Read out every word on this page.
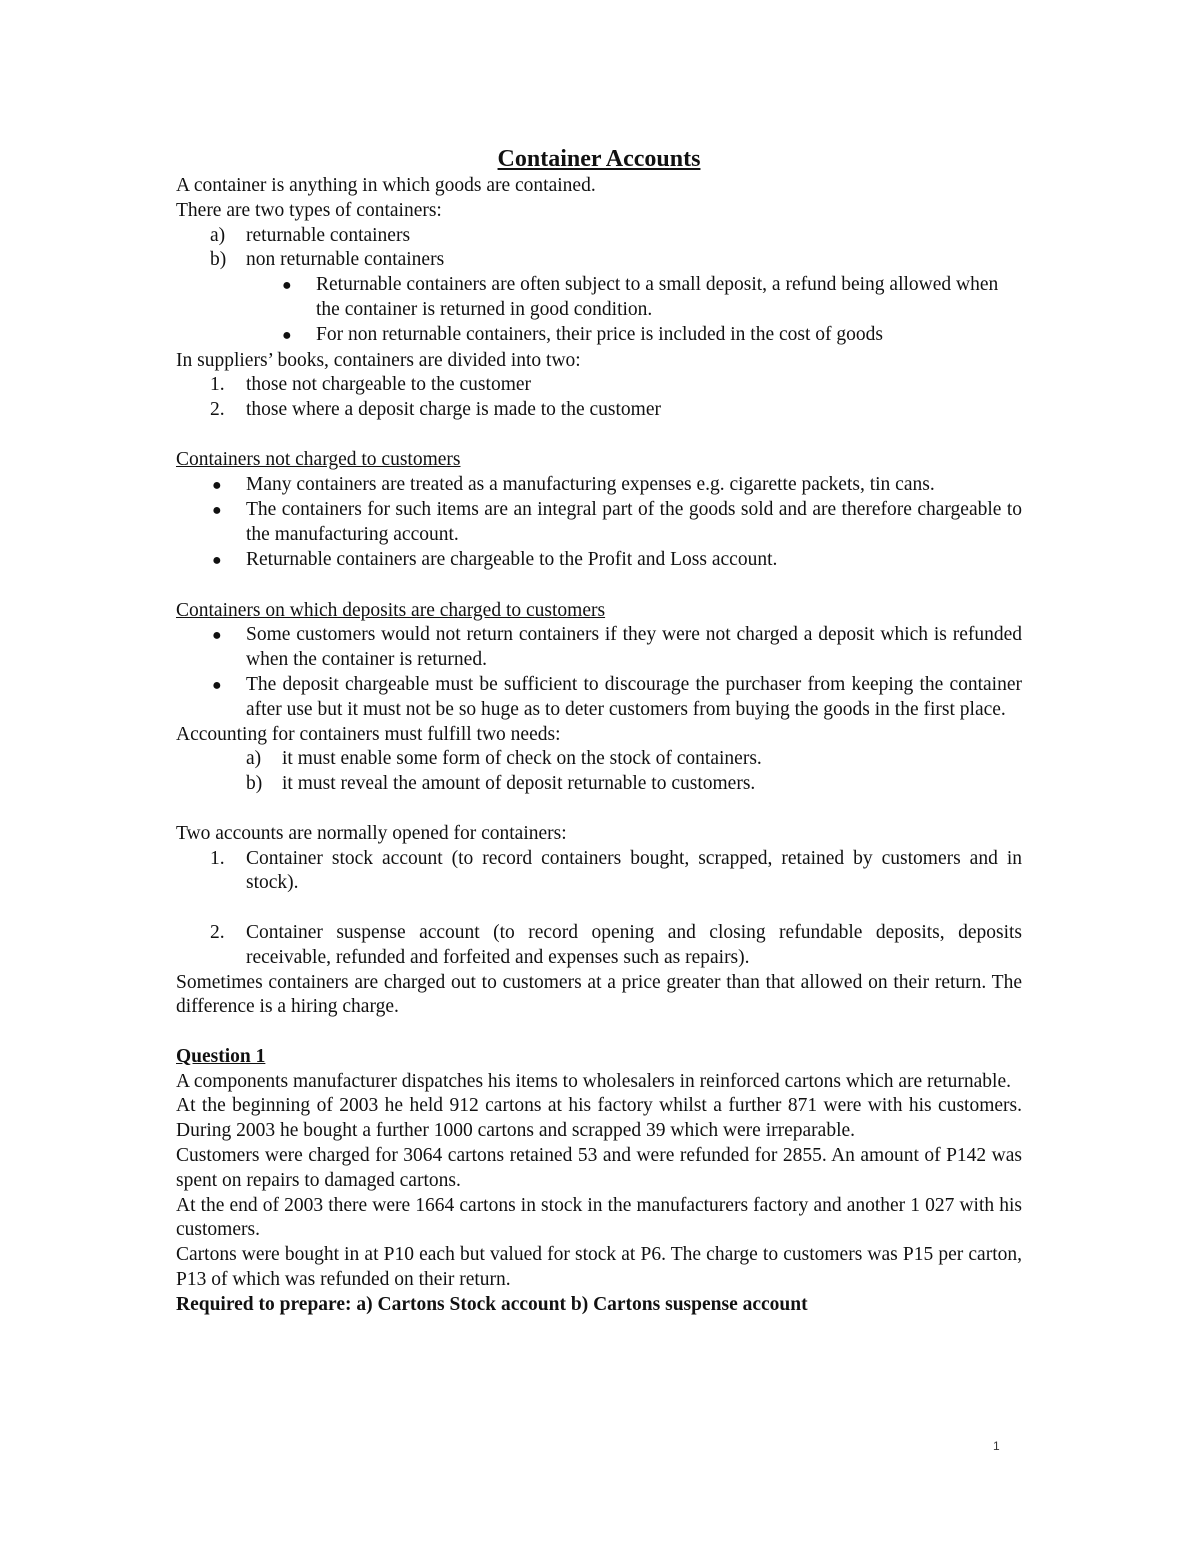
Container Accounts

A container is anything in which goods are contained.

There are two types of containers:

a)	returnable containers
b)	non returnable containers
●	Returnable containers are often subject to a small deposit, a refund being allowed when the container is returned in good condition.
●	For non returnable containers, their price is included in the cost of goods

In suppliers’ books, containers are divided into two:

1.	those not chargeable to the customer
2.	those where a deposit charge is made to the customer

Containers not charged to customers

●	Many containers are treated as a manufacturing expenses e.g. cigarette packets, tin cans.
●	The containers for such items are an integral part of the goods sold and are therefore chargeable to the manufacturing account.
●	Returnable containers are chargeable to the Profit and Loss account.

Containers on which deposits are charged to customers

●	Some customers would not return containers if they were not charged a deposit which is refunded when the container is returned.
●	The deposit chargeable must be sufficient to discourage the purchaser from keeping the container after use but it must not be so huge as to deter customers from buying the goods in the first place.

Accounting for containers must fulfill two needs:

a)	it must enable some form of check on the stock of containers.
b)	it must reveal the amount of deposit returnable to customers.

Two accounts are normally opened for containers:

1.	Container stock account (to record containers bought, scrapped, retained by customers and in stock).
2.	Container suspense account (to record opening and closing refundable deposits, deposits receivable, refunded and forfeited and expenses such as repairs).

Sometimes containers are charged out to customers at a price greater than that allowed on their return. The difference is a hiring charge.

Question 1

A components manufacturer dispatches his items to wholesalers in reinforced cartons which are returnable.

At the beginning of 2003 he held 912 cartons at his factory whilst a further 871 were with his customers. During 2003 he bought a further 1000 cartons and scrapped 39 which were irreparable.

Customers were charged for 3064 cartons retained 53 and were refunded for 2855. An amount of P142 was spent on repairs to damaged cartons.

At the end of 2003 there were 1664 cartons in stock in the manufacturers factory and another 1 027 with his customers.

Cartons were bought in at P10 each but valued for stock at P6. The charge to customers was P15 per carton, P13 of which was refunded on their return.

Required to prepare: a) Cartons Stock account b) Cartons suspense account

1
